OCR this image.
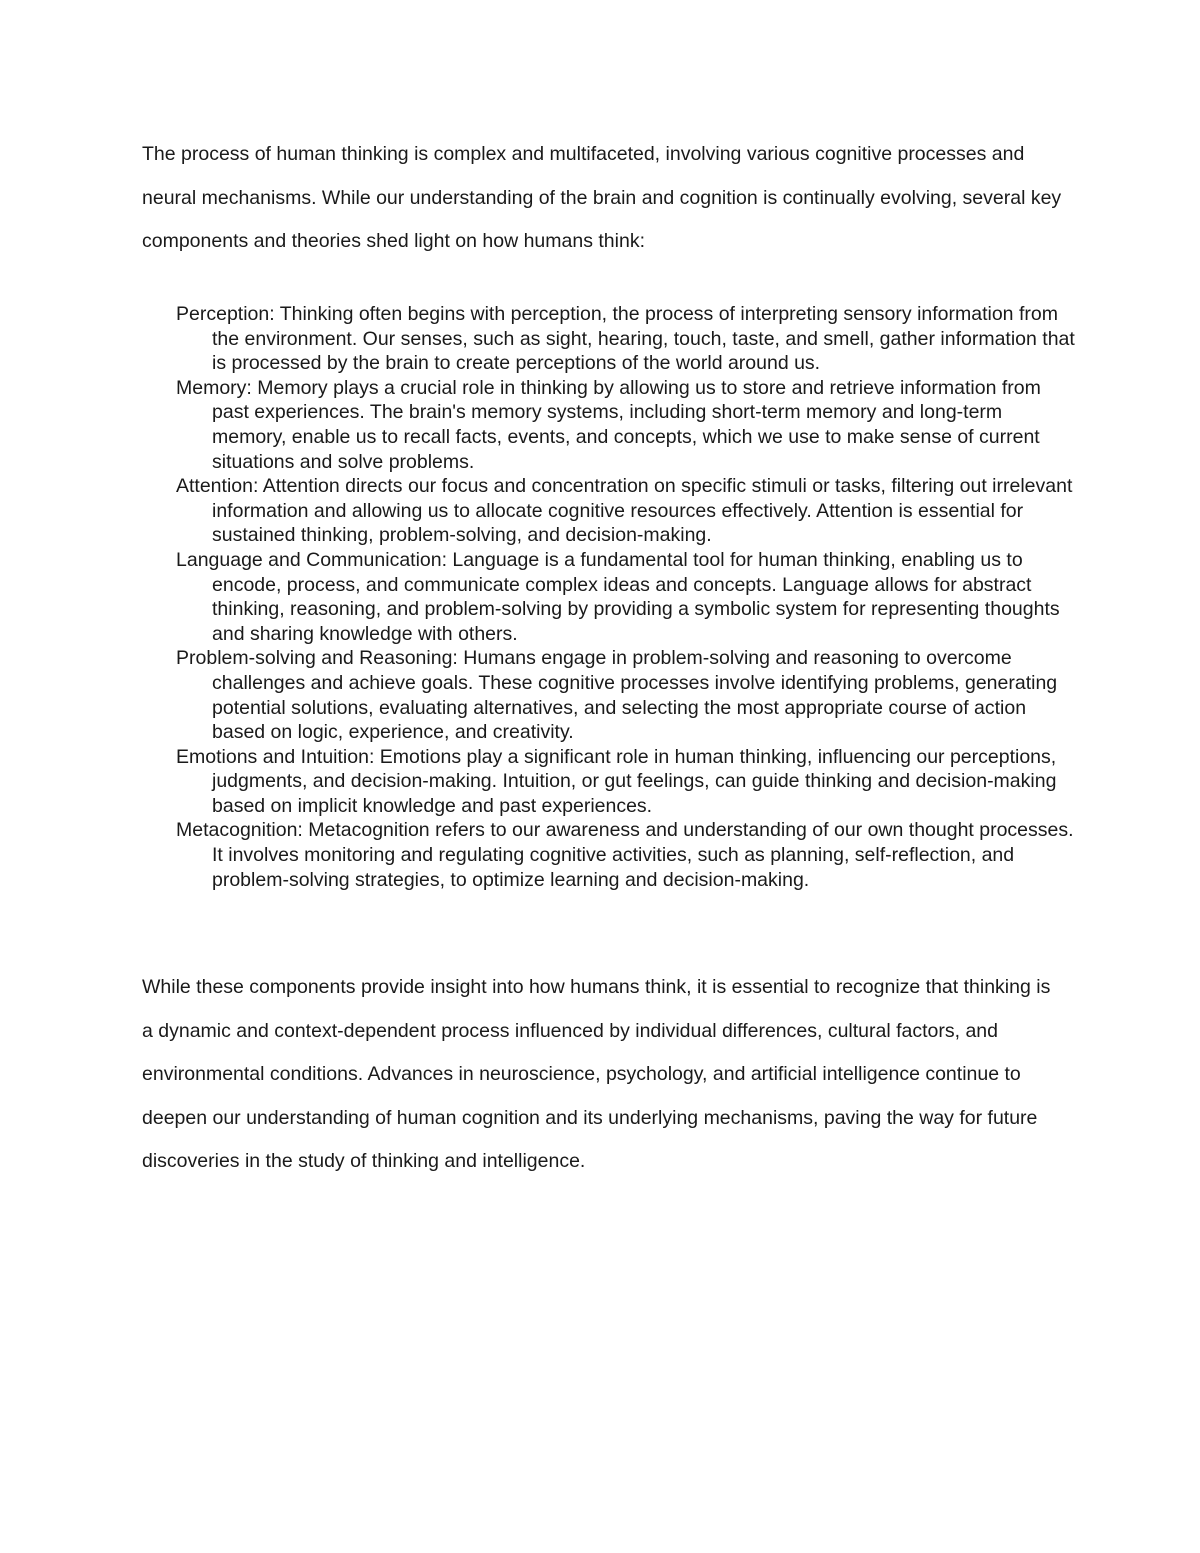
The process of human thinking is complex and multifaceted, involving various cognitive processes and neural mechanisms. While our understanding of the brain and cognition is continually evolving, several key components and theories shed light on how humans think:

Perception: Thinking often begins with perception, the process of interpreting sensory information from the environment. Our senses, such as sight, hearing, touch, taste, and smell, gather information that is processed by the brain to create perceptions of the world around us.
Memory: Memory plays a crucial role in thinking by allowing us to store and retrieve information from past experiences. The brain's memory systems, including short-term memory and long-term memory, enable us to recall facts, events, and concepts, which we use to make sense of current situations and solve problems.
Attention: Attention directs our focus and concentration on specific stimuli or tasks, filtering out irrelevant information and allowing us to allocate cognitive resources effectively. Attention is essential for sustained thinking, problem-solving, and decision-making.
Language and Communication: Language is a fundamental tool for human thinking, enabling us to encode, process, and communicate complex ideas and concepts. Language allows for abstract thinking, reasoning, and problem-solving by providing a symbolic system for representing thoughts and sharing knowledge with others.
Problem-solving and Reasoning: Humans engage in problem-solving and reasoning to overcome challenges and achieve goals. These cognitive processes involve identifying problems, generating potential solutions, evaluating alternatives, and selecting the most appropriate course of action based on logic, experience, and creativity.
Emotions and Intuition: Emotions play a significant role in human thinking, influencing our perceptions, judgments, and decision-making. Intuition, or gut feelings, can guide thinking and decision-making based on implicit knowledge and past experiences.
Metacognition: Metacognition refers to our awareness and understanding of our own thought processes. It involves monitoring and regulating cognitive activities, such as planning, self-reflection, and problem-solving strategies, to optimize learning and decision-making.

While these components provide insight into how humans think, it is essential to recognize that thinking is a dynamic and context-dependent process influenced by individual differences, cultural factors, and environmental conditions. Advances in neuroscience, psychology, and artificial intelligence continue to deepen our understanding of human cognition and its underlying mechanisms, paving the way for future discoveries in the study of thinking and intelligence.
